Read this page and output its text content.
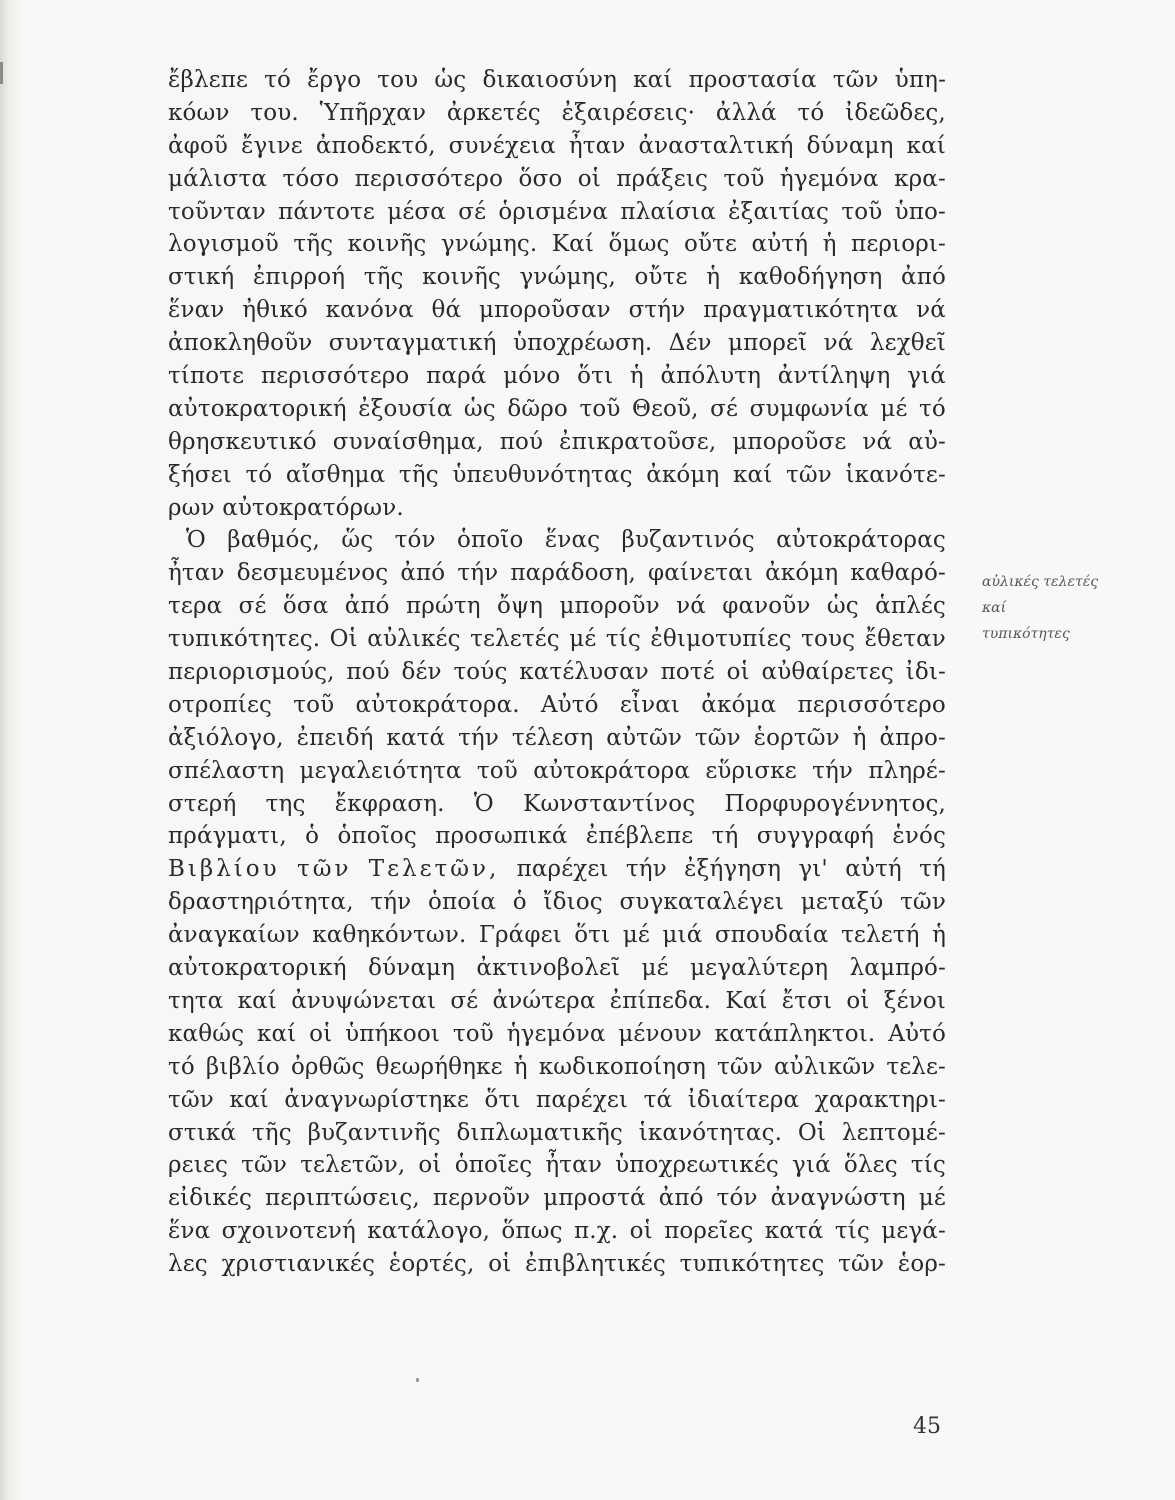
ἔβλεπε τό ἔργο του ὡς δικαιοσύνη καί προστασία τῶν ὑπη-
κόων του. Ὑπῆρχαν ἀρκετές ἐξαιρέσεις· ἀλλά τό ἰδεῶδες,
ἀφοῦ ἔγινε ἀποδεκτό, συνέχεια ἦταν ἀνασταλτική δύναμη καί
μάλιστα τόσο περισσότερο ὅσο οἱ πράξεις τοῦ ἡγεμόνα κρα-
τοῦνταν πάντοτε μέσα σέ ὁρισμένα πλαίσια ἐξαιτίας τοῦ ὑπο-
λογισμοῦ τῆς κοινῆς γνώμης. Καί ὅμως οὔτε αὐτή ἡ περιορι-
στική ἐπιρροή τῆς κοινῆς γνώμης, οὔτε ἡ καθοδήγηση ἀπό
ἕναν ἠθικό κανόνα θά μποροῦσαν στήν πραγματικότητα νά
ἀποκληθοῦν συνταγματική ὑποχρέωση. Δέν μπορεῖ νά λεχθεῖ
τίποτε περισσότερο παρά μόνο ὅτι ἡ ἀπόλυτη ἀντίληψη γιά
αὐτοκρατορική ἐξουσία ὡς δῶρο τοῦ Θεοῦ, σέ συμφωνία μέ τό
θρησκευτικό συναίσθημα, πού ἐπικρατοῦσε, μποροῦσε νά αὐ-
ξήσει τό αἴσθημα τῆς ὑπευθυνότητας ἀκόμη καί τῶν ἱκανότε-
ρων
αὐτοκρατόρων.
Ὁ βαθμός, ὥς τόν ὁποῖο ἕνας βυζαντινός αὐτοκράτορας
ἦταν δεσμευμένος ἀπό τήν παράδοση, φαίνεται ἀκόμη καθαρό-
τερα σέ ὅσα ἀπό πρώτη ὄψη μποροῦν νά φανοῦν ὡς ἁπλές
τυπικότητες. Οἱ αὐλικές τελετές μέ τίς ἐθιμοτυπίες τους ἔθεταν
περιορισμούς, πού δέν τούς κατέλυσαν ποτέ οἱ αὐθαίρετες ἰδι-
οτροπίες τοῦ αὐτοκράτορα. Αὐτό εἶναι ἀκόμα περισσότερο
ἀξιόλογο, ἐπειδή κατά τήν τέλεση αὐτῶν τῶν ἑορτῶν ἡ ἀπρο-
σπέλαστη μεγαλειότητα τοῦ αὐτοκράτορα εὕρισκε τήν πληρέ-
στερή της ἔκφραση. Ὁ Κωνσταντίνος Πορφυρογέννητος,
πράγματι, ὁ ὁποῖος προσωπικά ἐπέβλεπε τή συγγραφή ἑνός
Βιβλίου τῶν Τελετῶν, παρέχει τήν ἐξήγηση γι' αὐτή τή
δραστηριότητα, τήν ὁποία ὁ ἴδιος συγκαταλέγει μεταξύ τῶν
ἀναγκαίων καθηκόντων. Γράφει ὅτι μέ μιά σπουδαία τελετή ἡ
αὐτοκρατορική δύναμη ἀκτινοβολεῖ μέ μεγαλύτερη λαμπρό-
τητα καί ἀνυψώνεται σέ ἀνώτερα ἐπίπεδα. Καί ἔτσι οἱ ξένοι
καθώς καί οἱ ὑπήκοοι τοῦ ἡγεμόνα μένουν κατάπληκτοι. Αὐτό
τό βιβλίο ὀρθῶς θεωρήθηκε ἡ κωδικοποίηση τῶν αὐλικῶν τελε-
τῶν καί ἀναγνωρίστηκε ὅτι παρέχει τά ἰδιαίτερα χαρακτηρι-
στικά τῆς βυζαντινῆς διπλωματικῆς ἱκανότητας. Οἱ λεπτομέ-
ρειες τῶν τελετῶν, οἱ ὁποῖες ἦταν ὑποχρεωτικές γιά ὅλες τίς
εἰδικές περιπτώσεις, περνοῦν μπροστά ἀπό τόν ἀναγνώστη μέ
ἕνα σχοινοτενή κατάλογο, ὅπως π.χ. οἱ πορεῖες κατά τίς μεγά-
λες χριστιανικές ἑορτές, οἱ ἐπιβλητικές τυπικότητες τῶν ἑορ-
αὐλικές τελετές
καί
τυπικότητες
45
